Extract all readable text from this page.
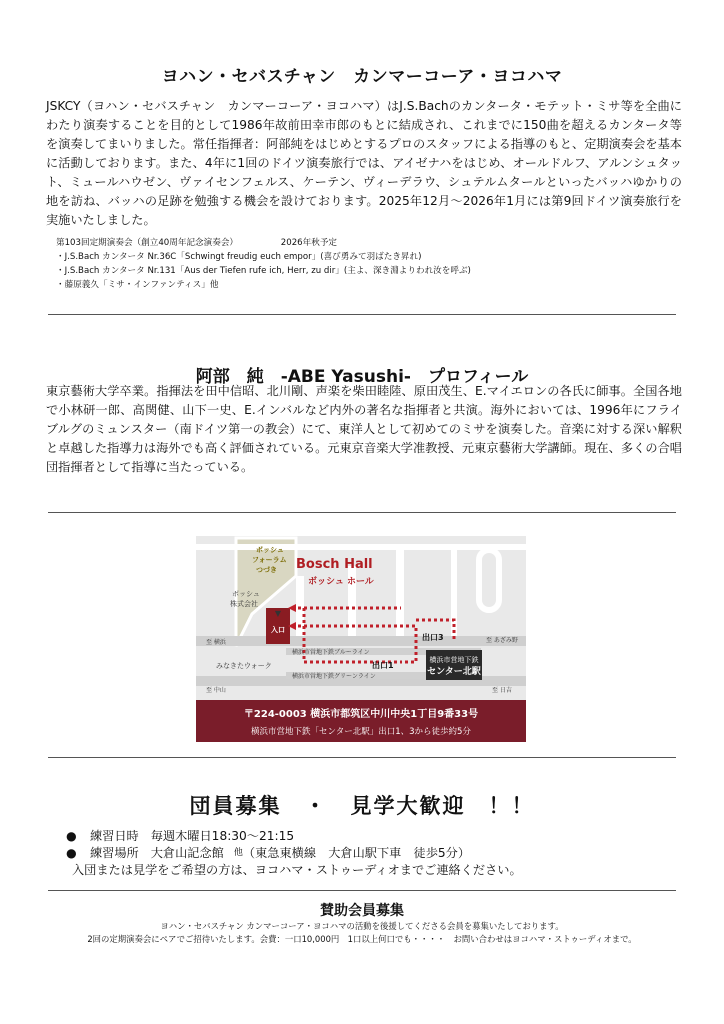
ヨハン・セバスチャン　カンマーコーア・ヨコハマ
JSKCY（ヨハン・セバスチャン　カンマーコーア・ヨコハマ）はJ.S.Bachのカンタータ・モテット・ミサ等を全曲にわたり演奏することを目的として1986年故前田幸市郎のもとに結成され、これまでに150曲を超えるカンタータ等を演奏してまいりました。常任指揮者：阿部純をはじめとするプロのスタッフによる指導のもと、定期演奏会を基本に活動しております。また、4年に1回のドイツ演奏旅行では、アイゼナハをはじめ、オールドルフ、アルンシュタット、ミュールハウゼン、ヴァイセンフェルス、ケーテン、ヴィーデラウ、シュテルムタールといったバッハゆかりの地を訪ね、バッハの足跡を勉強する機会を設けております。2025年12月～2026年1月には第9回ドイツ演奏旅行を実施いたしました。
第103回定期演奏会（創立40周年記念演奏会）	2026年秋予定
・J.S.Bach カンタータ Nr.36C「Schwingt freudig euch empor」(喜び勇みて羽ばたき昇れ)
・J.S.Bach カンタータ Nr.131「Aus der Tiefen rufe ich, Herr, zu dir」(主よ、深き淵よりわれ汝を呼ぶ)
・藤原義久「ミサ・インファンティス」他
阿部　純　-ABE Yasushi-　プロフィール
東京藝術大学卒業。指揮法を田中信昭、北川剛、声楽を柴田睦陸、原田茂生、E.マイエロンの各氏に師事。全国各地で小林研一郎、高関健、山下一史、E.インバルなど内外の著名な指揮者と共演。海外においては、1996年にフライブルグのミュンスター（南ドイツ第一の教会）にて、東洋人として初めてのミサを演奏した。音楽に対する深い解釈と卓越した指導力は海外でも高く評価されている。元東京音楽大学准教授、元東京藝術大学講師。現在、多くの合唱団指揮者として指導に当たっている。
▼
横浜市営地下鉄
センター北駅
Bosch Hall
ボッシュ ホール
ボッシュ
フォーラム
つづき
ボッシュ
株式会社
入口
出口3
出口1
至 横浜	至 あざみ野
至 中山	至 日吉
みなきたウォーク
横浜市営地下鉄ブルーライン
横浜市営地下鉄グリーンライン
〒224-0003 横浜市都筑区中川中央1丁目9番33号
横浜市営地下鉄「センター北駅」出口1、3から徒歩約5分
団員募集　・　見学大歓迎　！！
●	練習日時 毎週木曜日18:30～21:15
●	練習場所 大倉山記念館 他 （東急東横線　大倉山駅下車　徒歩5分）
入団または見学をご希望の方は、ヨコハマ・ストゥーディオまでご連絡ください。
賛助会員募集
ヨハン・セバスチャン カンマーコーア・ヨコハマの活動を後援してくださる会員を募集いたしております。
2回の定期演奏会にペアでご招待いたします。会費：一口10,000円　1口以上何口でも・・・・　お問い合わせはヨコハマ・ストゥーディオまで。
